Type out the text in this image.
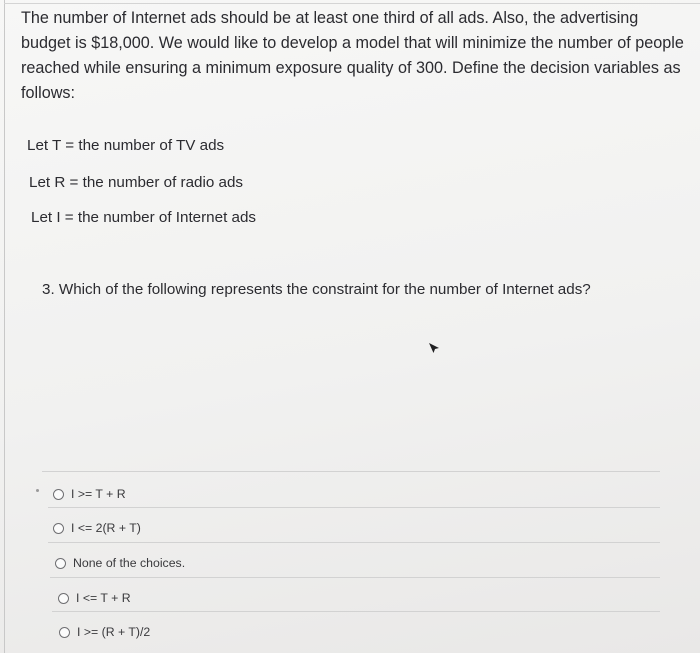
The number of Internet ads should be at least one third of all ads. Also, the advertising budget is $18,000. We would like to develop a model that will minimize the number of people reached while ensuring a minimum exposure quality of 300. Define the decision variables as follows:

Let T = the number of TV ads

Let R = the number of radio ads

Let I = the number of Internet ads

3. Which of the following represents the constraint for the number of Internet ads?

I >= T + R
I <= 2(R + T)
None of the choices.
I <= T + R
I >= (R + T)/2
